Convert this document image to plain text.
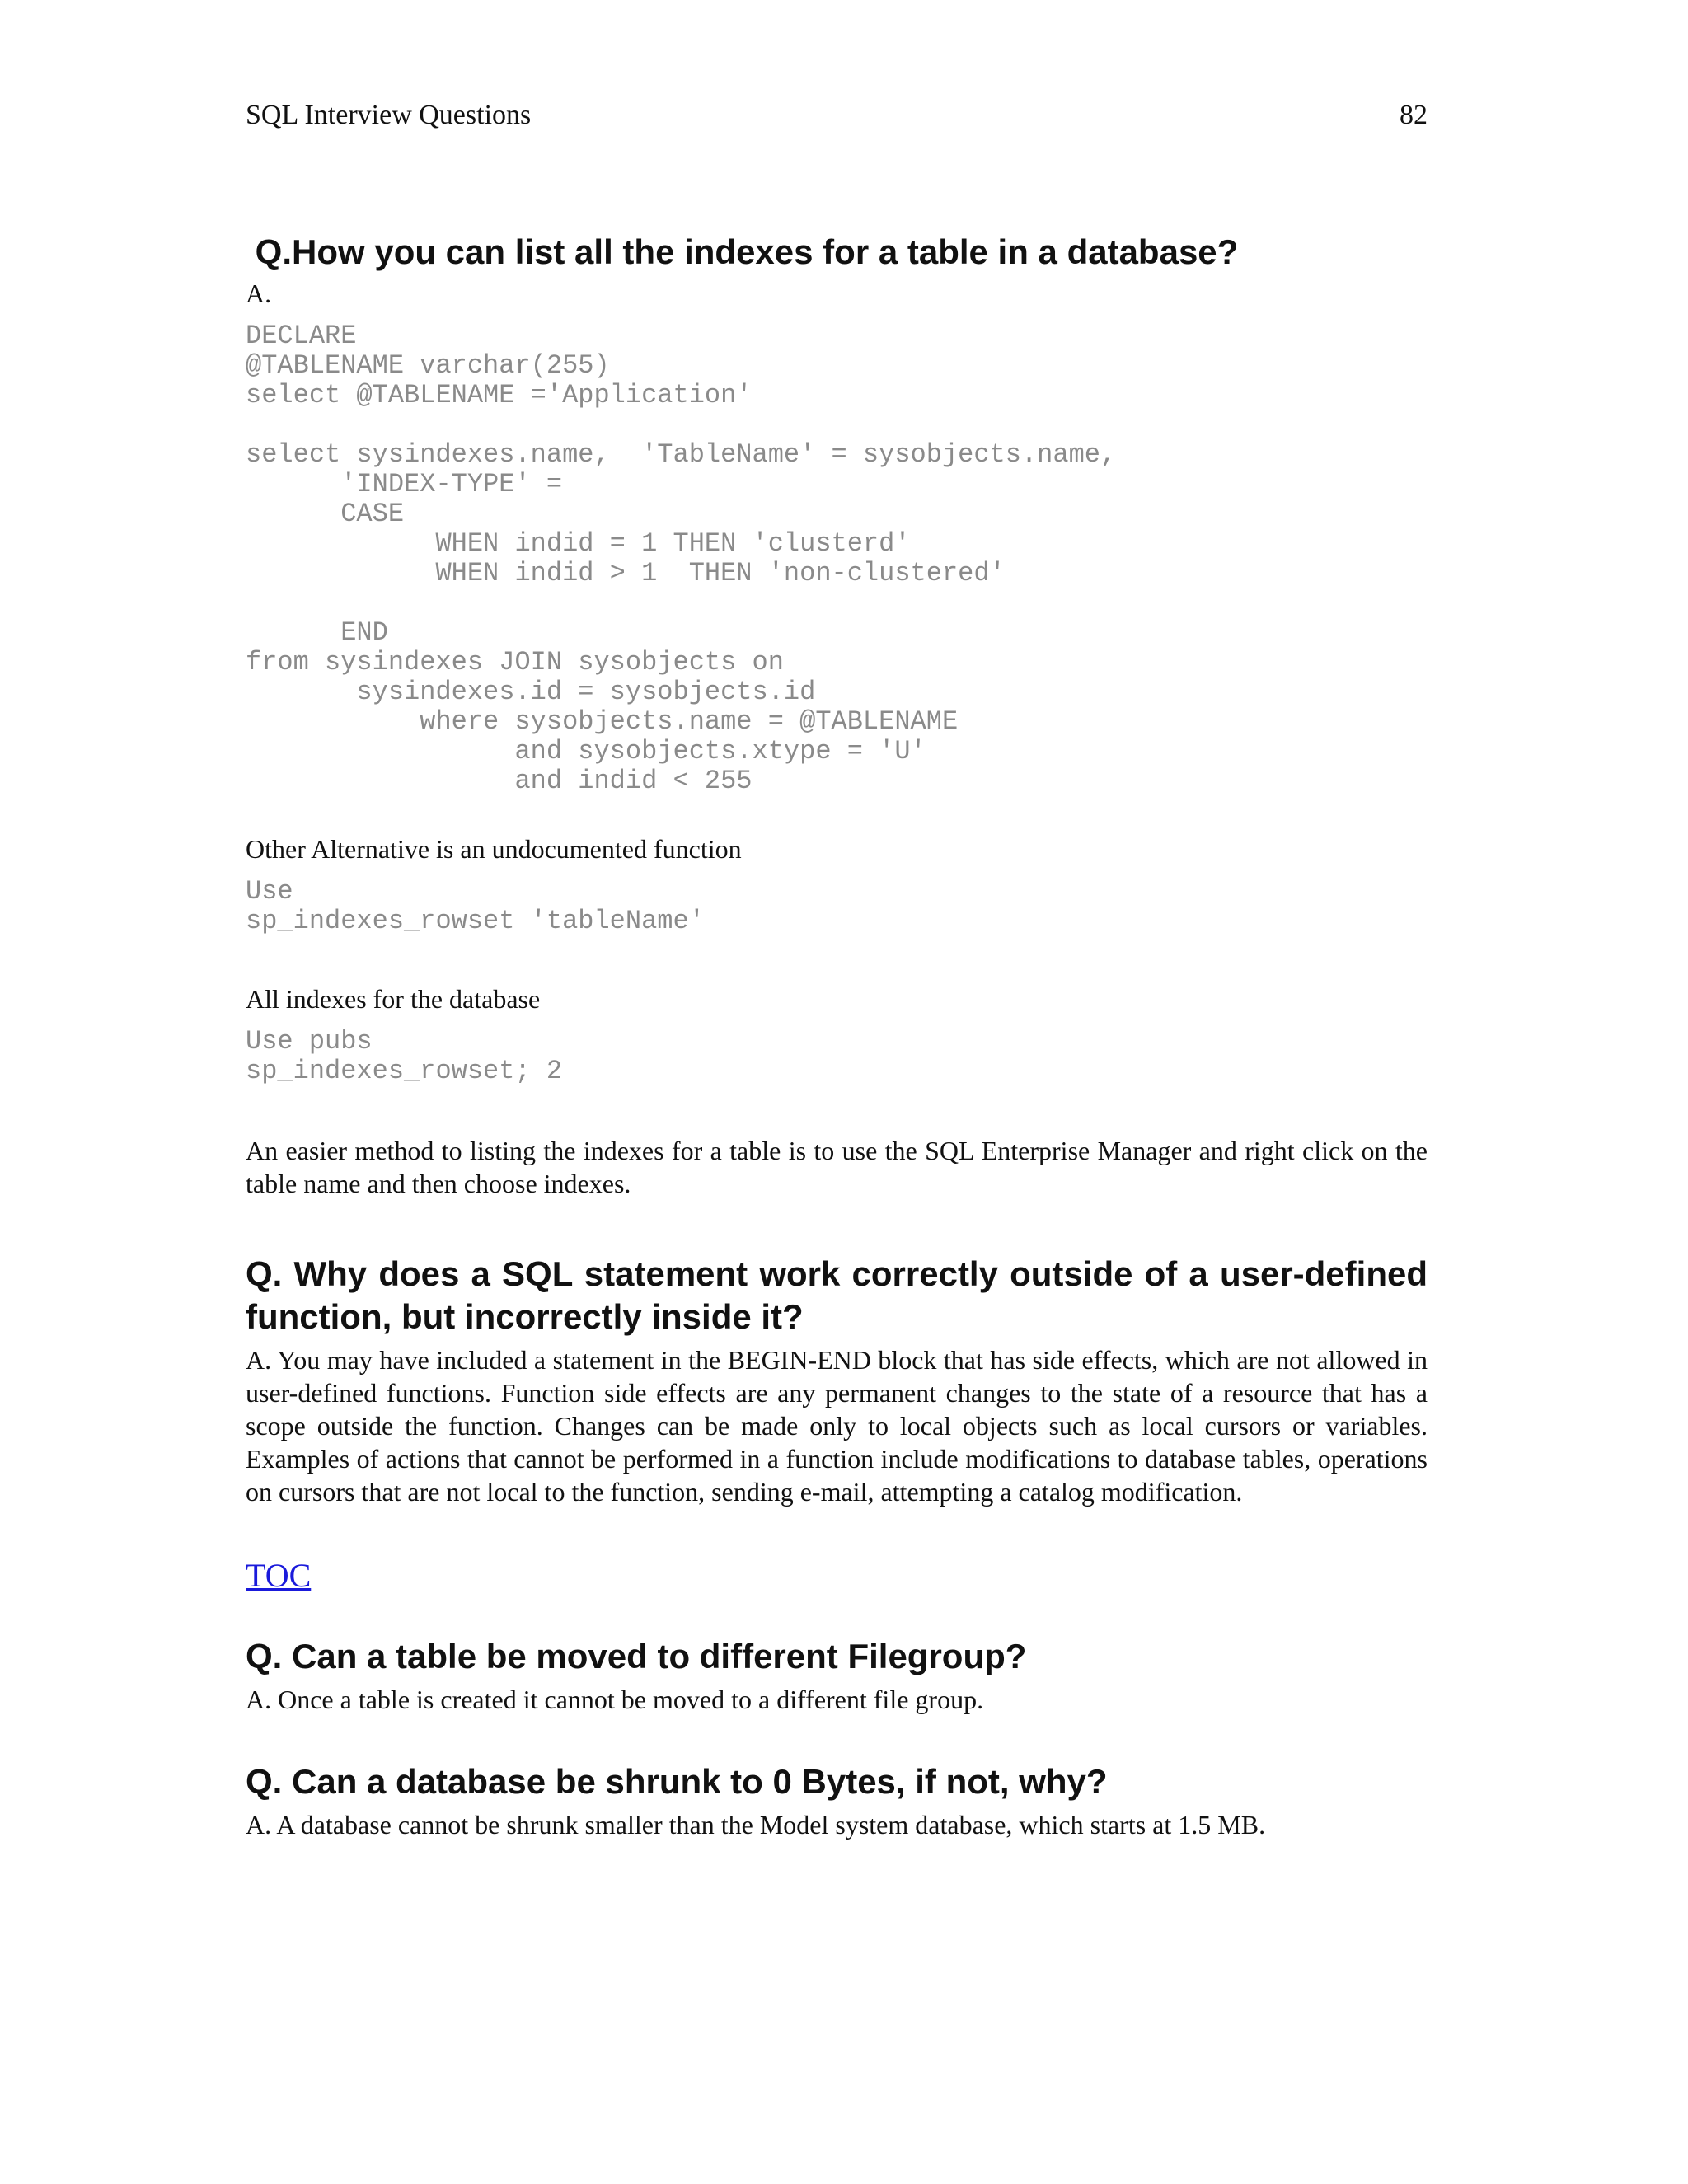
SQL Interview Questions	82
Q.How you can list all the indexes for a table in a database?

A.

DECLARE
@TABLENAME varchar(255)
select @TABLENAME ='Application'

select sysindexes.name,  'TableName' = sysobjects.name,
'INDEX-TYPE' =
CASE
WHEN indid = 1 THEN 'clusterd'
WHEN indid > 1  THEN 'non-clustered'

END
from sysindexes JOIN sysobjects on
sysindexes.id = sysobjects.id
where sysobjects.name = @TABLENAME
and sysobjects.xtype = 'U'
and indid < 255

Other Alternative is an undocumented function

Use
sp_indexes_rowset 'tableName'

All indexes for the database

Use pubs
sp_indexes_rowset; 2

An easier method to listing the indexes for a table is to use the SQL Enterprise Manager and right click on the table name and then choose indexes.

Q. Why does a SQL statement work correctly outside of a user-defined function, but incorrectly inside it?

A. You may have included a statement in the BEGIN-END block that has side effects, which are not allowed in user-defined functions. Function side effects are any permanent changes to the state of a resource that has a scope outside the function. Changes can be made only to local objects such as local cursors or variables. Examples of actions that cannot be performed in a function include modifications to database tables, operations on cursors that are not local to the function, sending e-mail, attempting a catalog modification.

TOC
Q. Can a table be moved to different Filegroup?

A. Once a table is created it cannot be moved to a different file group.

Q. Can a database be shrunk to 0 Bytes, if not, why?

A. A database cannot be shrunk smaller than the Model system database, which starts at 1.5 MB.
